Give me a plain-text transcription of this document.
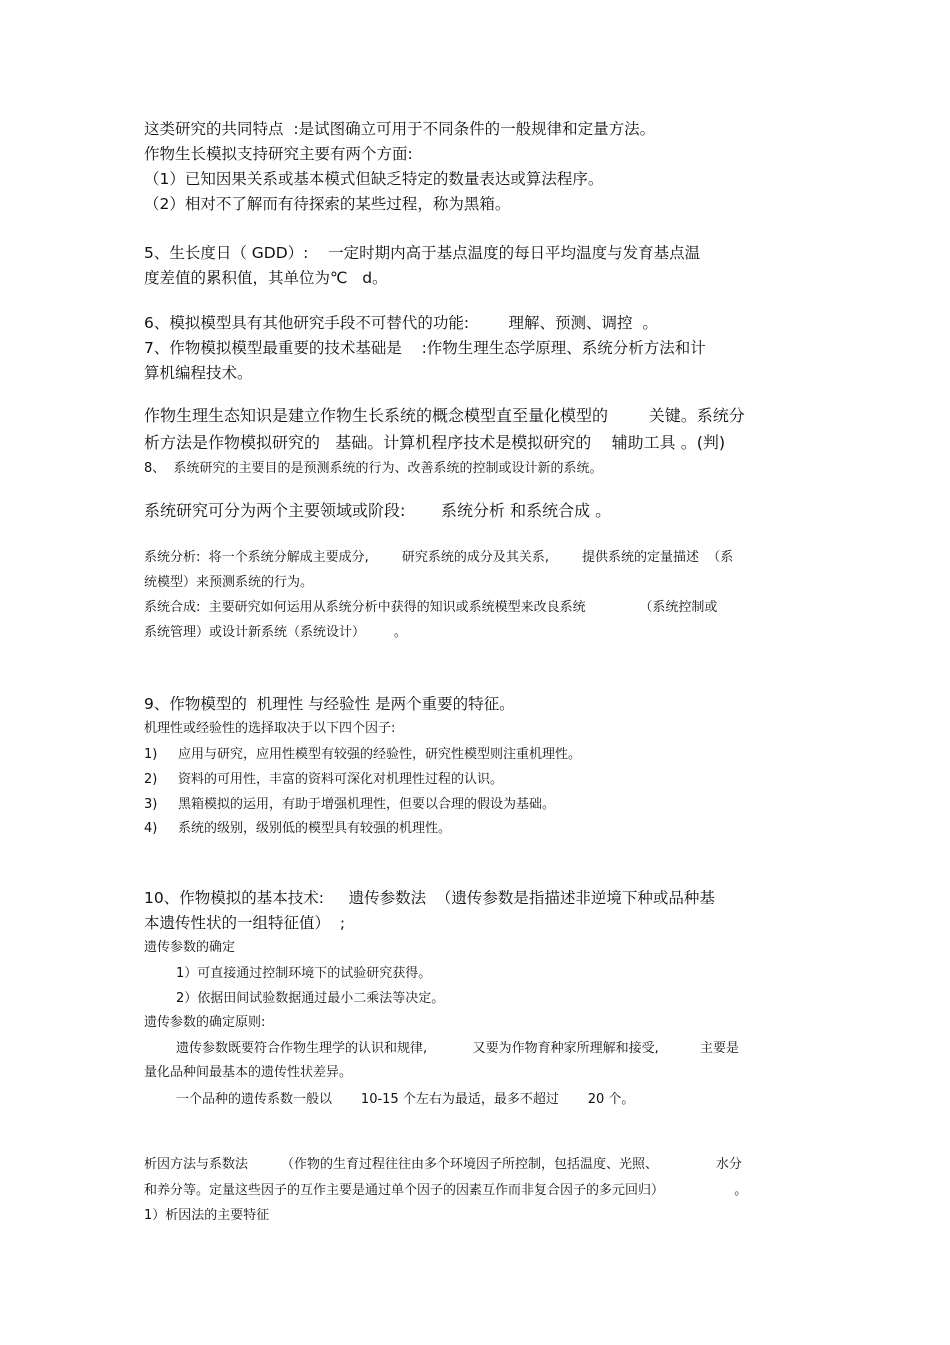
这类研究的共同特点  :是试图确立可用于不同条件的一般规律和定量方法。
作物生长模拟支持研究主要有两个方面:
（1）已知因果关系或基本模式但缺乏特定的数量表达或算法程序。
（2）相对不了解而有待探索的某些过程，称为黑箱。
5、生长度日（ GDD）:    一定时期内高于基点温度的每日平均温度与发育基点温
度差值的累积值，其单位为℃   d。
6、模拟模型具有其他研究手段不可替代的功能:        理解、预测、调控  。
7、作物模拟模型最重要的技术基础是    :作物生理生态学原理、系统分析方法和计
算机编程技术。
作物生理生态知识是建立作物生长系统的概念模型直至量化模型的        关键。系统分
析方法是作物模拟研究的   基础。计算机程序技术是模拟研究的    辅助工具 。(判)
8、  系统研究的主要目的是预测系统的行为、改善系统的控制或设计新的系统。
系统研究可分为两个主要领域或阶段:       系统分析 和系统合成 。
系统分析:  将一个系统分解成主要成分,        研究系统的成分及其关系,        提供系统的定量描述  （系
统模型）来预测系统的行为。
系统合成:  主要研究如何运用从系统分析中获得的知识或系统模型来改良系统             （系统控制或
系统管理）或设计新系统（系统设计）       。
9、作物模型的  机理性 与经验性 是两个重要的特征。
机理性或经验性的选择取决于以下四个因子:
1)     应用与研究，应用性模型有较强的经验性，研究性模型则注重机理性。
2)     资料的可用性，丰富的资料可深化对机理性过程的认识。
3)     黑箱模拟的运用，有助于增强机理性，但要以合理的假设为基础。
4)     系统的级别，级别低的模型具有较强的机理性。
10、作物模拟的基本技术:     遗传参数法  （遗传参数是指描述非逆境下种或品种基
本遗传性状的一组特征值）  ;
遗传参数的确定
1）可直接通过控制环境下的试验研究获得。
2）依据田间试验数据通过最小二乘法等决定。
遗传参数的确定原则:
遗传参数既要符合作物生理学的认识和规律,           又要为作物育种家所理解和接受,          主要是
量化品种间最基本的遗传性状差异。
一个品种的遗传系数一般以       10-15 个左右为最适，最多不超过       20 个。
析因方法与系数法        （作物的生育过程往往由多个环境因子所控制，包括温度、光照、              水分
和养分等。定量这些因子的互作主要是通过单个因子的因素互作而非复合因子的多元回归）                 。
1）析因法的主要特征
